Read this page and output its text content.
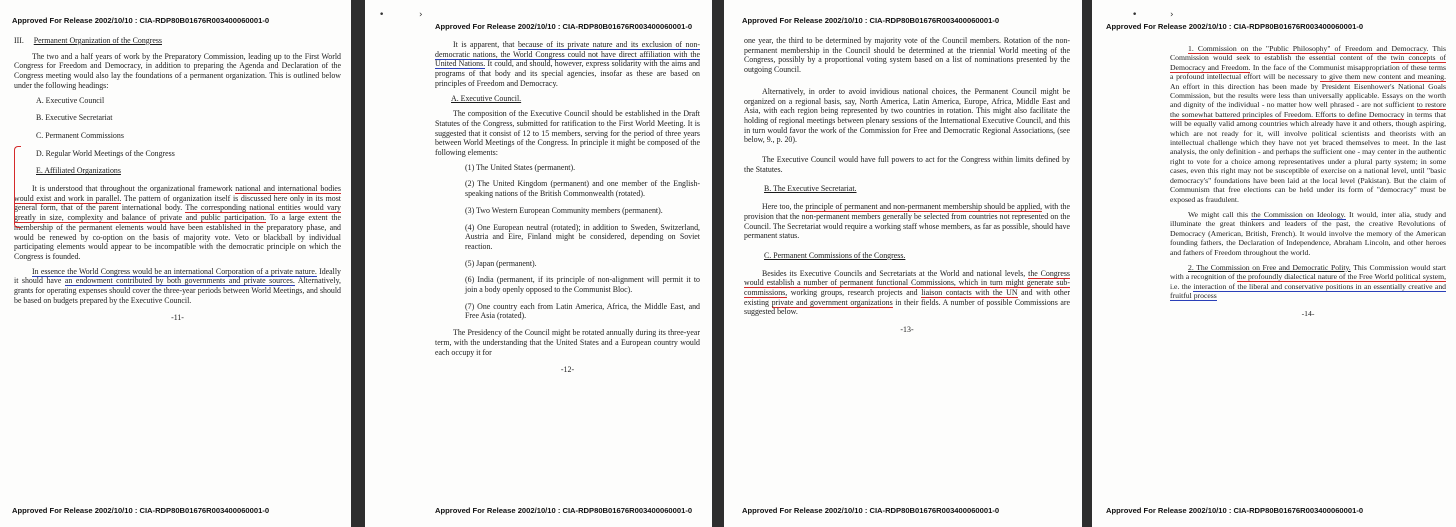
Approved For Release 2002/10/10 : CIA-RDP80B01676R003400060001-0
III. Permanent Organization of the Congress

The two and a half years of work by the Preparatory Commission, leading up to the First World Congress for Freedom and Democracy, in addition to preparing the Agenda and Declaration of the Congress meeting would also lay the foundations of a permanent organization. This is outlined below under the following headings:

A. Executive Council
B. Executive Secretariat
C. Permanent Commissions
D. Regular World Meetings of the Congress
E. Affiliated Organizations

It is understood that throughout the organizational framework national and international bodies would exist and work in parallel. The pattern of organization itself is discussed here only in its most general form, that of the parent international body. The corresponding national entities would vary greatly in size, complexity and balance of private and public participation. To a large extent the membership of the permanent elements would have been established in the preparatory phase, and would be renewed by co-option on the basis of majority vote. Veto or blackball by individual participating elements would appear to be incompatible with the democratic principle on which the Congress is founded.

In essence the World Congress would be an international Corporation of a private nature. Ideally it should have an endowment contributed by both governments and private sources. Alternatively, grants for operating expenses should cover the three-year periods between World Meetings, and should be based on budgets prepared by the Executive Council.

-11-
Approved For Release 2002/10/10 : CIA-RDP80B01676R003400060001-0
•	›
Approved For Release 2002/10/10 : CIA-RDP80B01676R003400060001-0

It is apparent, that because of its private nature and its exclusion of non-democratic nations, the World Congress could not have direct affiliation with the United Nations. It could, and should, however, express solidarity with the aims and programs of that body and its special agencies, insofar as these are based on principles of Freedom and Democracy.

A. Executive Council.

The composition of the Executive Council should be established in the Draft Statutes of the Congress, submitted for ratification to the First World Meeting. It is suggested that it consist of 12 to 15 members, serving for the period of three years between World Meetings of the Congress. In principle it might be composed of the following elements:

(1) The United States (permanent).
(2) The United Kingdom (permanent) and one member of the English-speaking nations of the British Commonwealth (rotated).
(3) Two Western European Community members (permanent).
(4) One European neutral (rotated); in addition to Sweden, Switzerland, Austria and Eire, Finland might be considered, depending on Soviet reaction.
(5) Japan (permanent).
(6) India (permanent, if its principle of non-alignment will permit it to join a body openly opposed to the Communist Bloc).
(7) One country each from Latin America, Africa, the Middle East, and Free Asia (rotated).

The Presidency of the Council might be rotated annually during its three-year term, with the understanding that the United States and a European country would each occupy it for

-12-
Approved For Release 2002/10/10 : CIA-RDP80B01676R003400060001-0
Approved For Release 2002/10/10 : CIA-RDP80B01676R003400060001-0

one year, the third to be determined by majority vote of the Council members. Rotation of the non-permanent membership in the Council should be determined at the triennial World meeting of the Congress, possibly by a proportional voting system based on a list of nominations presented by the outgoing Council.

Alternatively, in order to avoid invidious national choices, the Permanent Council might be organized on a regional basis, say, North America, Latin America, Europe, Africa, Middle East and Asia, with each region being represented by two countries in rotation. This might also facilitate the holding of regional meetings between plenary sessions of the International Executive Council, and this in turn would favor the work of the Commission for Free and Democratic Regional Associations, (see below, 9., p. 20).

The Executive Council would have full powers to act for the Congress within limits defined by the Statutes.

B. The Executive Secretariat.

Here too, the principle of permanent and non-permanent membership should be applied, with the provision that the non-permanent members generally be selected from countries not represented on the Council. The Secretariat would require a working staff whose members, as far as possible, should have permanent status.

C. Permanent Commissions of the Congress.

Besides its Executive Councils and Secretariats at the World and national levels, the Congress would establish a number of permanent functional Commissions, which in turn might generate sub-commissions, working groups, research projects and liaison contacts with the UN and with other existing private and government organizations in their fields. A number of possible Commissions are suggested below.

-13-
Approved For Release 2002/10/10 : CIA-RDP80B01676R003400060001-0
•	›
Approved For Release 2002/10/10 : CIA-RDP80B01676R003400060001-0

1. Commission on the "Public Philosophy" of Freedom and Democracy. This Commission would seek to establish the essential content of the twin concepts of Democracy and Freedom. In the face of the Communist misappropriation of these terms a profound intellectual effort will be necessary to give them new content and meaning. An effort in this direction has been made by President Eisenhower's National Goals Commission, but the results were less than universally applicable. Essays on the worth and dignity of the individual - no matter how well phrased - are not sufficient to restore the somewhat battered principles of Freedom. Efforts to define Democracy in terms that will be equally valid among countries which already have it and others, though aspiring, which are not ready for it, will involve political scientists and theorists with an intellectual challenge which they have not yet braced themselves to meet. In the last analysis, the only definition - and perhaps the sufficient one - may center in the authentic right to vote for a choice among representatives under a plural party system; in some cases, even this right may not be susceptible of exercise on a national level, until "basic democracy's" foundations have been laid at the local level (Pakistan). But the claim of Communism that free elections can be held under its form of "democracy" must be exposed as fraudulent.

We might call this the Commission on Ideology. It would, inter alia, study and illuminate the great thinkers and leaders of the past, the creative Revolutions of Democracy (American, British, French). It would involve the memory of the American founding fathers, the Declaration of Independence, Abraham Lincoln, and other heroes and fathers of Freedom throughout the world.

2. The Commission on Free and Democratic Polity. This Commission would start with a recognition of the profoundly dialectical nature of the Free World political system, i.e. the interaction of the liberal and conservative positions in an essentially creative and fruitful process

-14-
Approved For Release 2002/10/10 : CIA-RDP80B01676R003400060001-0
